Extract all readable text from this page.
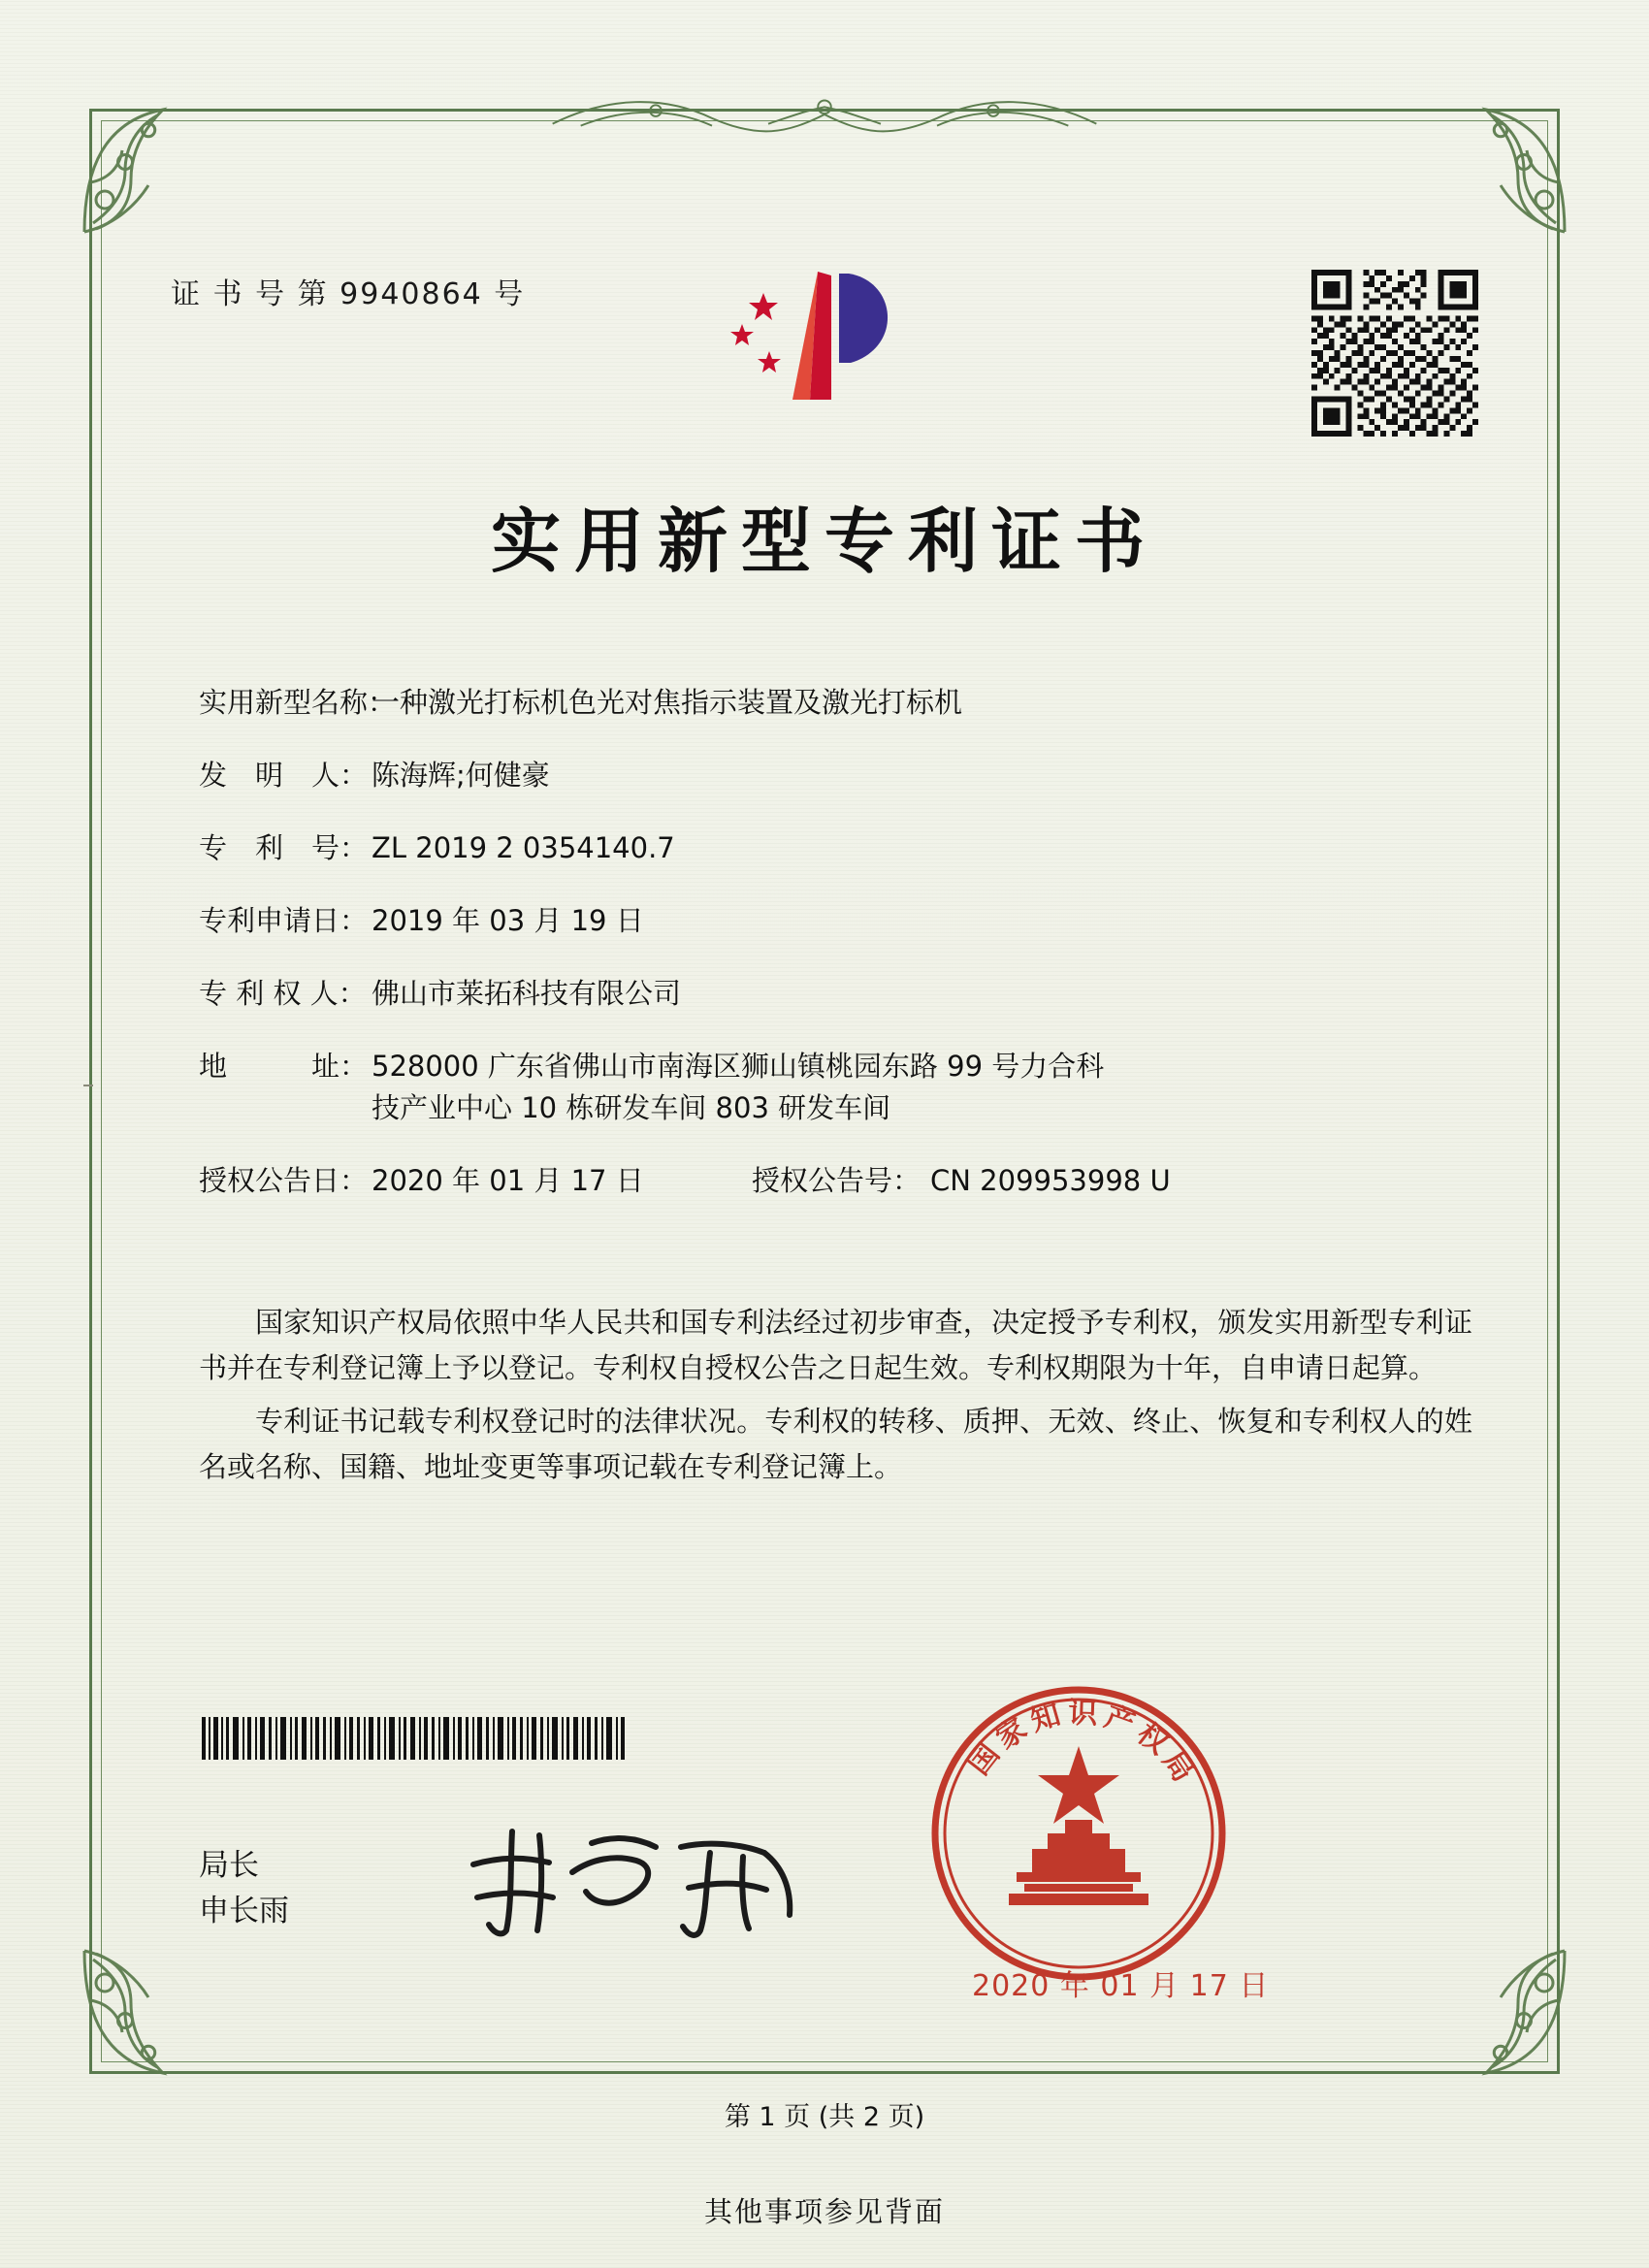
证 书 号 第 9940864 号
实用新型专利证书
实用新型名称：
一种激光打标机色光对焦指示装置及激光打标机
发　明　人： 陈海辉;何健豪
专　利　号： ZL 2019 2 0354140.7
专利申请日： 2019 年 03 月 19 日
专 利 权 人： 佛山市莱拓科技有限公司
地　　　址： 528000 广东省佛山市南海区狮山镇桃园东路 99 号力合科
技产业中心 10 栋研发车间 803 研发车间
授权公告日： 2020 年 01 月 17 日	授权公告号： CN 209953998 U

国家知识产权局依照中华人民共和国专利法经过初步审查，决定授予专利权，颁发实用新型专利证书并在专利登记簿上予以登记。专利权自授权公告之日起生效。专利权期限为十年，自申请日起算。

专利证书记载专利权登记时的法律状况。专利权的转移、质押、无效、终止、恢复和专利权人的姓名或名称、国籍、地址变更等事项记载在专利登记簿上。

局长
申长雨
国
家
知 识 产
权
局
2020 年 01 月 17 日
第 1 页 (共 2 页)
其他事项参见背面
